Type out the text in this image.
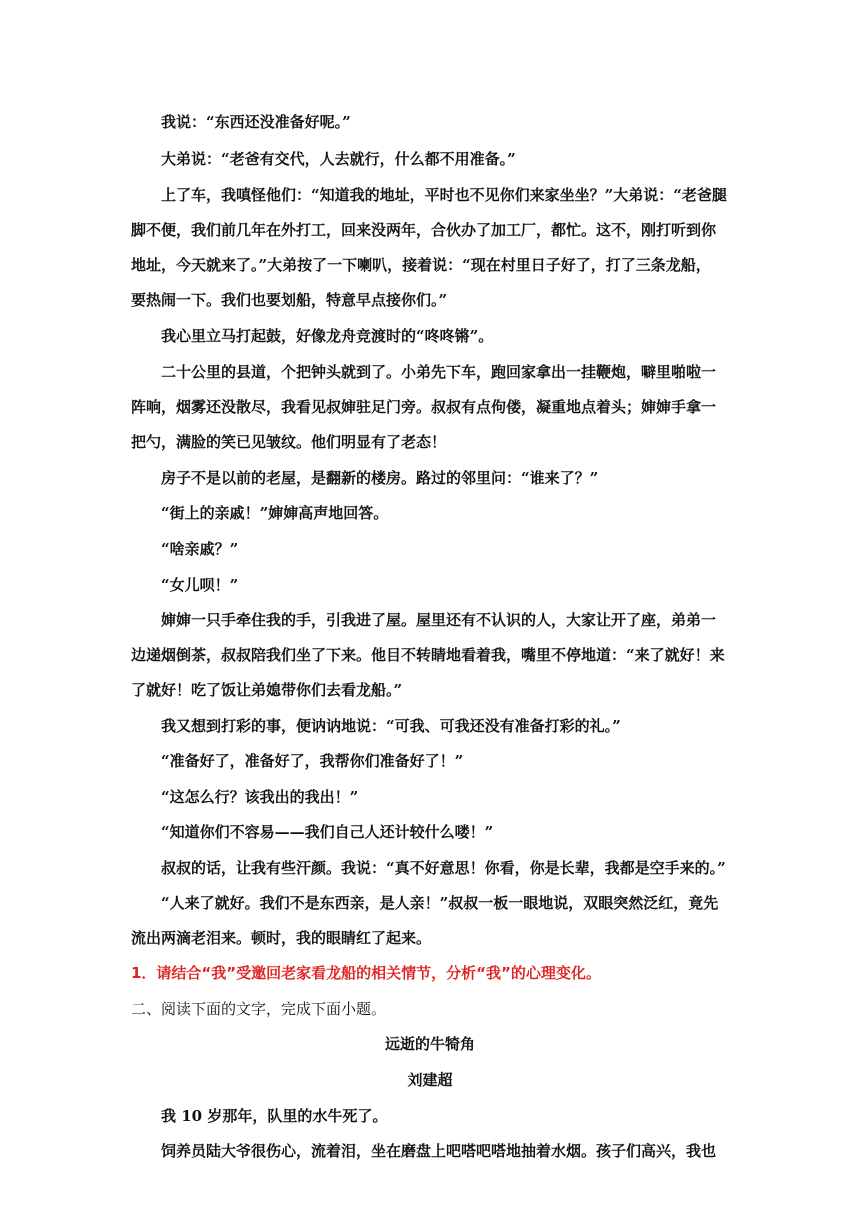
我说：“东西还没准备好呢。”
大弟说：“老爸有交代，人去就行，什么都不用准备。”
上了车，我嗔怪他们：“知道我的地址，平时也不见你们来家坐坐？”大弟说：“老爸腿
脚不便，我们前几年在外打工，回来没两年，合伙办了加工厂，都忙。这不，刚打听到你
地址，今天就来了。”大弟按了一下喇叭，接着说：“现在村里日子好了，打了三条龙船，
要热闹一下。我们也要划船，特意早点接你们。”
我心里立马打起鼓，好像龙舟竞渡时的“咚咚锵”。
二十公里的县道，个把钟头就到了。小弟先下车，跑回家拿出一挂鞭炮，噼里啪啦一
阵响，烟雾还没散尽，我看见叔婶驻足门旁。叔叔有点佝偻，凝重地点着头；婶婶手拿一
把勺，满脸的笑已见皱纹。他们明显有了老态！
房子不是以前的老屋，是翻新的楼房。路过的邻里问：“谁来了？”
“街上的亲戚！”婶婶高声地回答。
“啥亲戚？”
“女儿呗！”
婶婶一只手牵住我的手，引我进了屋。屋里还有不认识的人，大家让开了座，弟弟一
边递烟倒茶，叔叔陪我们坐了下来。他目不转睛地看着我，嘴里不停地道：“来了就好！来
了就好！吃了饭让弟媳带你们去看龙船。”
我又想到打彩的事，便讷讷地说：“可我、可我还没有准备打彩的礼。”
“准备好了，准备好了，我帮你们准备好了！”
“这怎么行？该我出的我出！”
“知道你们不容易——我们自己人还计较什么喽！”
叔叔的话，让我有些汗颜。我说：“真不好意思！你看，你是长辈，我都是空手来的。”
“人来了就好。我们不是东西亲，是人亲！”叔叔一板一眼地说，双眼突然泛红，竟先
流出两滴老泪来。顿时，我的眼睛红了起来。
1．请结合“我”受邀回老家看龙船的相关情节，分析“我”的心理变化。
二、阅读下面的文字，完成下面小题。
远逝的牛犄角
刘建超
我 10 岁那年，队里的水牛死了。
饲养员陆大爷很伤心，流着泪，坐在磨盘上吧嗒吧嗒地抽着水烟。孩子们高兴，我也
